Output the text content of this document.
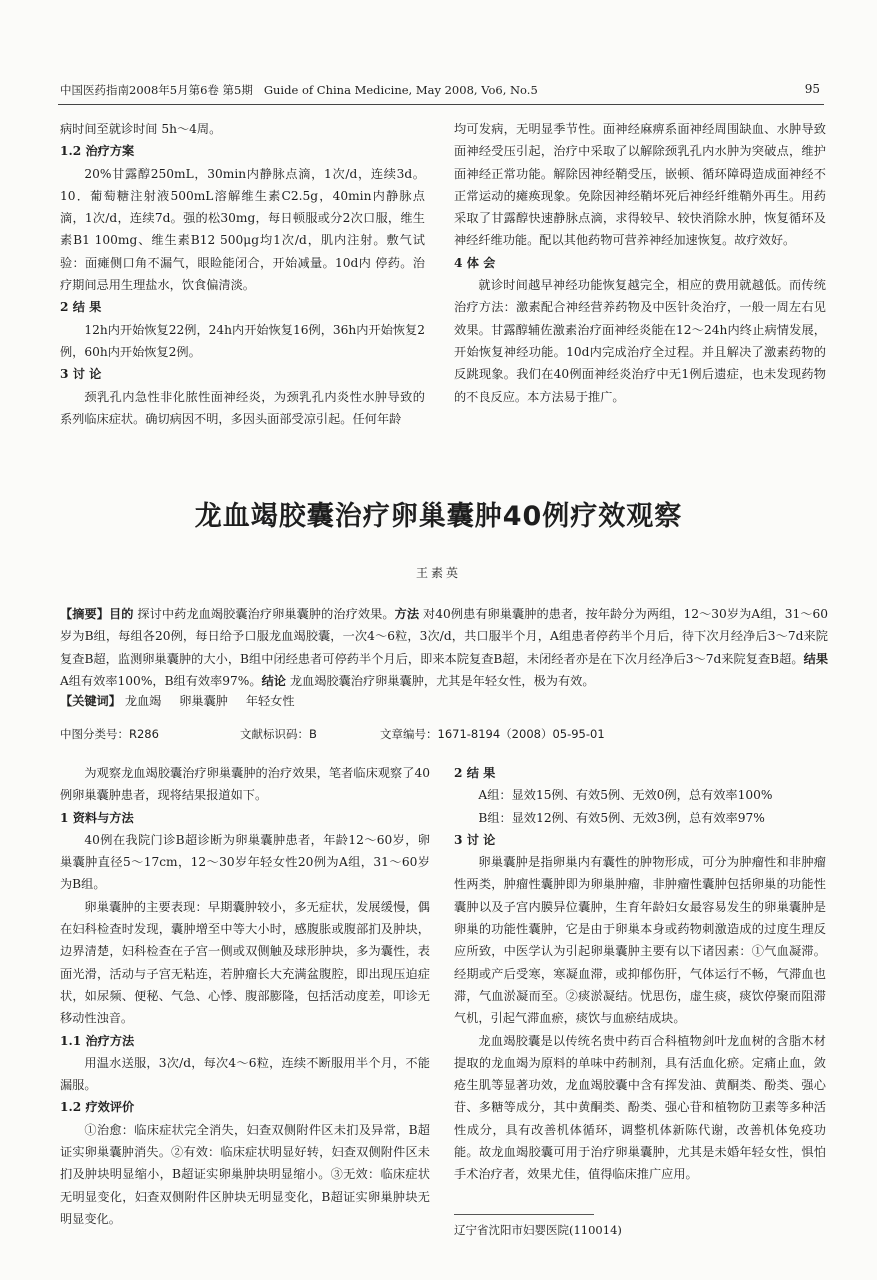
中国医药指南2008年5月第6卷 第5期 Guide of China Medicine, May 2008, Vo6, No.5	95

病时间至就诊时间 5h～4周。

1.2 治疗方案

20%甘露醇250mL，30min内静脉点滴，1次/d，连续3d。10．葡萄糖注射液500mL溶解维生素C2.5g，40min内静脉点滴，1次/d，连续7d。强的松30mg，每日顿服或分2次口服，维生素B1 100mg、维生素B12 500μg均1次/d，肌内注射。敷气试验：面瘫侧口角不漏气，眼睑能闭合，开始减量。10d内 停药。治疗期间忌用生理盐水，饮食偏清淡。

2 结 果

12h内开始恢复22例，24h内开始恢复16例，36h内开始恢复2例，60h内开始恢复2例。

3 讨 论

颈乳孔内急性非化脓性面神经炎，为颈乳孔内炎性水肿导致的系列临床症状。确切病因不明，多因头面部受凉引起。任何年龄

均可发病，无明显季节性。面神经麻痹系面神经周围缺血、水肿导致面神经受压引起，治疗中采取了以解除颈乳孔内水肿为突破点，维护面神经正常功能。解除因神经鞘受压，嵌顿、循环障碍造成面神经不正常运动的瘫痪现象。免除因神经鞘坏死后神经纤维鞘外再生。用药采取了甘露醇快速静脉点滴，求得较早、较快消除水肿，恢复循环及神经纤维功能。配以其他药物可营养神经加速恢复。故疗效好。

4 体 会

就诊时间越早神经功能恢复越完全，相应的费用就越低。而传统治疗方法：激素配合神经营养药物及中医针灸治疗，一般一周左右见效果。甘露醇辅佐激素治疗面神经炎能在12～24h内终止病情发展，开始恢复神经功能。10d内完成治疗全过程。并且解决了激素药物的反跳现象。我们在40例面神经炎治疗中无1例后遗症，也未发现药物的不良反应。本方法易于推广。

龙血竭胶囊治疗卵巢囊肿40例疗效观察
王素英
【摘要】目的 探讨中药龙血竭胶囊治疗卵巢囊肿的治疗效果。方法 对40例患有卵巢囊肿的患者，按年龄分为两组，12～30岁为A组，31～60岁为B组，每组各20例，每日给予口服龙血竭胶囊，一次4～6粒，3次/d，共口服半个月，A组患者停药半个月后，待下次月经净后3～7d来院复查B超，监测卵巢囊肿的大小，B组中闭经患者可停药半个月后，即来本院复查B超，未闭经者亦是在下次月经净后3～7d来院复查B超。结果 A组有效率100%，B组有效率97%。结论 龙血竭胶囊治疗卵巢囊肿，尤其是年轻女性，极为有效。
【关键词】 龙血竭 卵巢囊肿 年轻女性
中图分类号：R286	文献标识码：B	文章编号：1671-8194（2008）05-95-01

为观察龙血竭胶囊治疗卵巢囊肿的治疗效果，笔者临床观察了40例卵巢囊肿患者，现将结果报道如下。

1 资料与方法

40例在我院门诊B超诊断为卵巢囊肿患者，年龄12～60岁，卵巢囊肿直径5～17cm，12～30岁年轻女性20例为A组，31～60岁为B组。

卵巢囊肿的主要表现：早期囊肿较小，多无症状，发展缓慢，偶在妇科检查时发现，囊肿增至中等大小时，感腹胀或腹部扪及肿块，边界清楚，妇科检查在子宫一侧或双侧触及球形肿块，多为囊性，表面光滑，活动与子宫无粘连，若肿瘤长大充满盆腹腔，即出现压迫症状，如尿频、便秘、气急、心悸、腹部膨隆，包括活动度差，叩诊无移动性浊音。

1.1 治疗方法

用温水送服，3次/d，每次4～6粒，连续不断服用半个月，不能漏服。

1.2 疗效评价

①治愈：临床症状完全消失，妇查双侧附件区未扪及异常，B超证实卵巢囊肿消失。②有效：临床症状明显好转，妇查双侧附件区未扪及肿块明显缩小，B超证实卵巢肿块明显缩小。③无效：临床症状无明显变化，妇查双侧附件区肿块无明显变化，B超证实卵巢肿块无明显变化。

2 结 果

A组：显效15例、有效5例、无效0例，总有效率100%

B组：显效12例、有效5例、无效3例，总有效率97%

3 讨 论

卵巢囊肿是指卵巢内有囊性的肿物形成，可分为肿瘤性和非肿瘤性两类，肿瘤性囊肿即为卵巢肿瘤，非肿瘤性囊肿包括卵巢的功能性囊肿以及子宫内膜异位囊肿，生育年龄妇女最容易发生的卵巢囊肿是卵巢的功能性囊肿，它是由于卵巢本身或药物刺激造成的过度生理反应所致，中医学认为引起卵巢囊肿主要有以下诸因素：①气血凝滞。经期或产后受寒，寒凝血滞，或抑郁伤肝，气体运行不畅，气滞血也滞，气血淤凝而至。②痰淤凝结。忧思伤，虚生痰，痰饮停聚而阻滞气机，引起气滞血瘀，痰饮与血瘀结成块。

龙血竭胶囊是以传统名贵中药百合科植物剑叶龙血树的含脂木材提取的龙血竭为原料的单味中药制剂，具有活血化瘀。定痛止血，敛疮生肌等显著功效，龙血竭胶囊中含有挥发油、黄酮类、酚类、强心苷、多糖等成分，其中黄酮类、酚类、强心苷和植物防卫素等多种活性成分，具有改善机体循环，调整机体新陈代谢，改善机体免疫功能。故龙血竭胶囊可用于治疗卵巢囊肿，尤其是未婚年轻女性，惧怕手术治疗者，效果尤佳，值得临床推广应用。

辽宁省沈阳市妇婴医院(110014)
